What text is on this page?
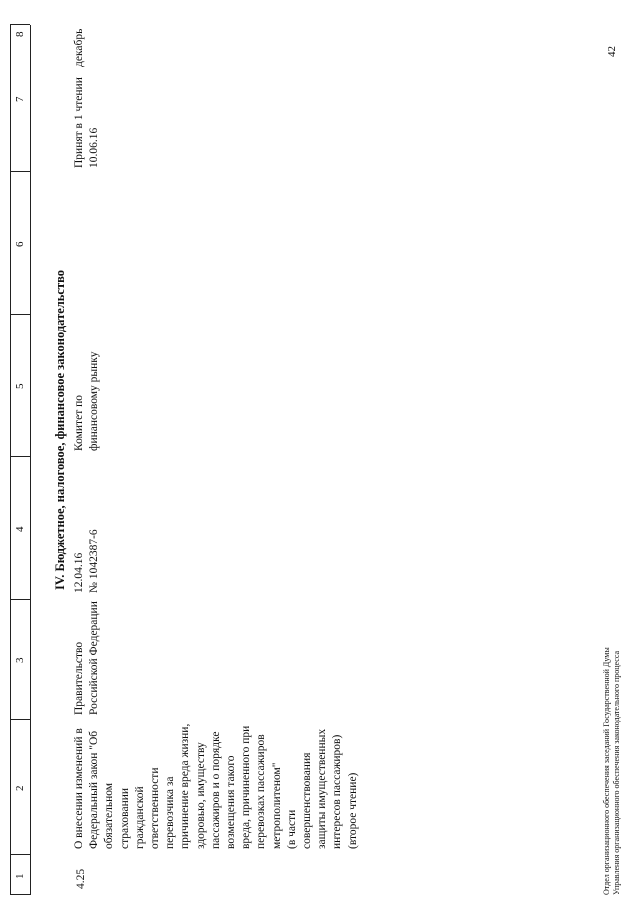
1
2
3
4
5
6
7
8
IV. Бюджетное, налоговое, финансовое законодательство
4.25
О внесении изменений в Федеральный закон "Об обязательном страховании гражданской ответственности перевозчика за причинение вреда жизни, здоровью, имуществу пассажиров и о порядке возмещения такого вреда, причиненного при перевозках пассажиров метрополитеном" (в части совершенствования защиты имущественных интересов пассажиров) (второе чтение)
Правительство Российской Федерации
12.04.16 № 1042387-6
Комитет по финансовому рынку
Принят в 1 чтении 10.06.16
декабрь	42
Отдел организационного обеспечения заседаний Государственной Думы Управления организационного обеспечения законодательного процесса
